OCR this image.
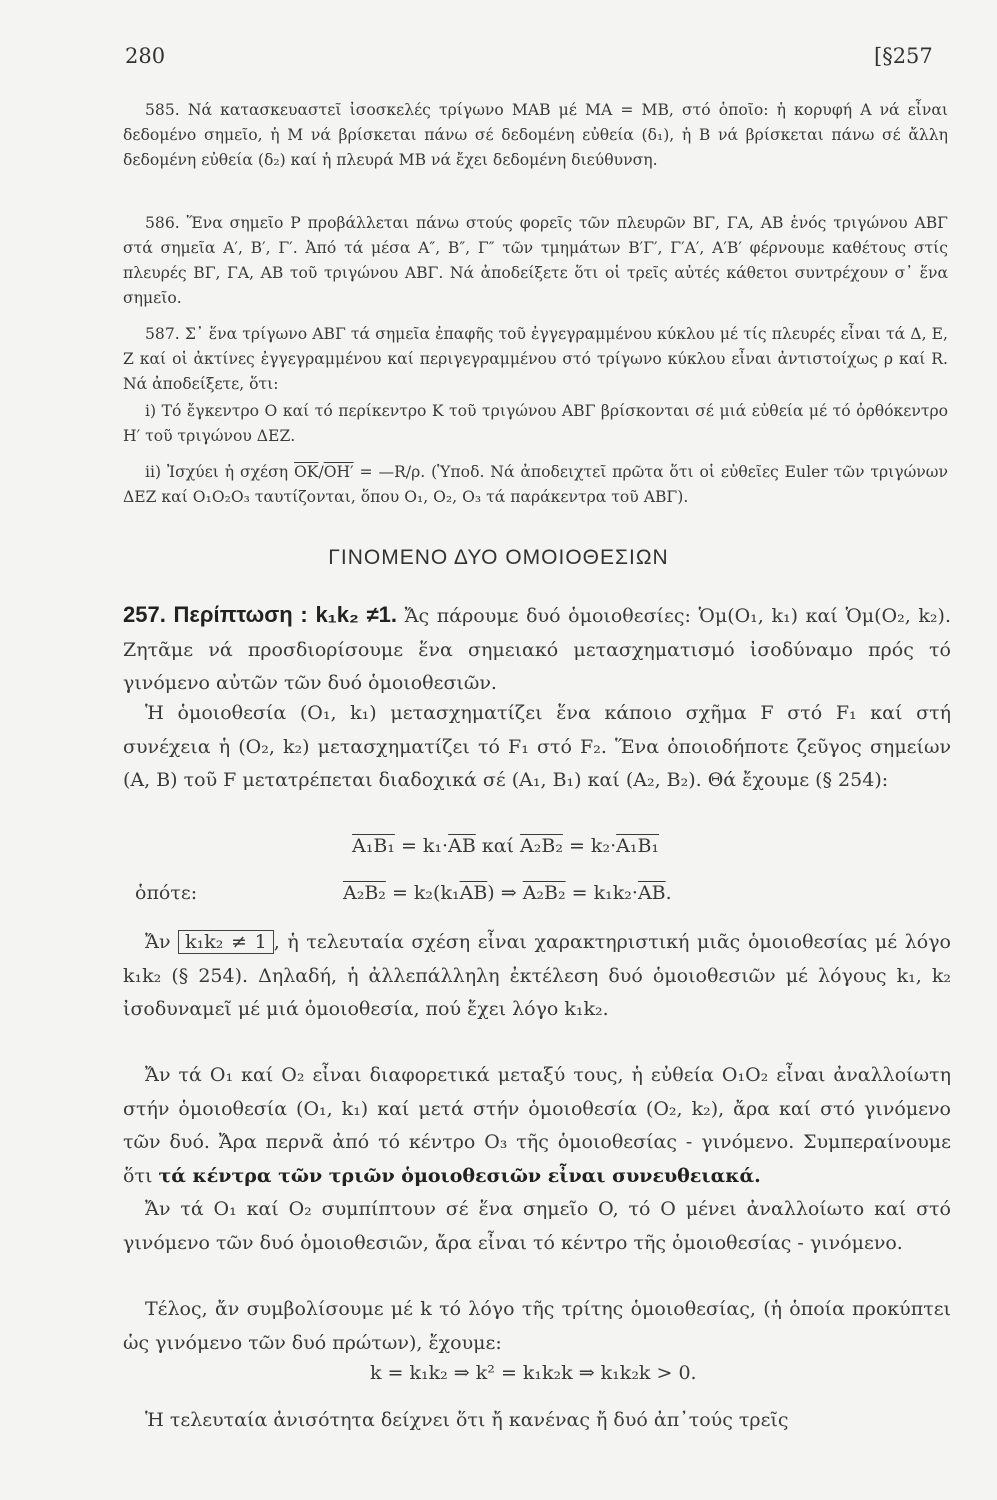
280	[§257

585. Νά κατασκευαστεῖ ἰσοσκελές τρίγωνο MAB μέ MA = MB, στό ὁποῖο: ἡ κορυφή A νά εἶναι δεδομένο σημεῖο, ἡ M νά βρίσκεται πάνω σέ δεδομένη εὐθεία (δ₁), ἡ B νά βρίσκεται πάνω σέ ἄλλη δεδομένη εὐθεία (δ₂) καί ἡ πλευρά MB νά ἔχει δεδομένη διεύθυνση.

586. Ἕνα σημεῖο P προβάλλεται πάνω στούς φορεῖς τῶν πλευρῶν ΒΓ, ΓΑ, ΑΒ ἑνός τριγώνου ΑΒΓ στά σημεῖα Α′, Β′, Γ′. Ἀπό τά μέσα Α″, Β″, Γ″ τῶν τμημάτων Β′Γ′, Γ′Α′, Α′Β′ φέρνουμε καθέτους στίς πλευρές ΒΓ, ΓΑ, ΑΒ τοῦ τριγώνου ΑΒΓ. Νά ἀποδείξετε ὅτι οἱ τρεῖς αὐτές κάθετοι συντρέχουν σ᾽ ἕνα σημεῖο.

587. Σ᾽ ἕνα τρίγωνο ΑΒΓ τά σημεῖα ἐπαφῆς τοῦ ἐγγεγραμμένου κύκλου μέ τίς πλευρές εἶναι τά Δ, Ε, Ζ καί οἱ ἀκτίνες ἐγγεγραμμένου καί περιγεγραμμένου στό τρίγωνο κύκλου εἶναι ἀντιστοίχως ρ καί R. Νά ἀποδείξετε, ὅτι:

i) Τό ἔγκεντρο Ο καί τό περίκεντρο Κ τοῦ τριγώνου ΑΒΓ βρίσκονται σέ μιά εὐθεία μέ τό ὀρθόκεντρο Η′ τοῦ τριγώνου ΔΕΖ.

ii) Ἰσχύει ἡ σχέση $\overline{OK}/OH'$ = —R/ρ. (Ὑποδ. Νά ἀποδειχτεῖ πρῶτα ὅτι οἱ εὐθεῖες Euler τῶν τριγώνων ΔΕΖ καί O₁O₂O₃ ταυτίζονται, ὅπου O₁, O₂, O₃ τά παράκεντρα τοῦ ΑΒΓ).

ΓΙΝΟΜΕΝΟ ΔΥΟ ΟΜΟΙΟΘΕΣΙΩΝ

257. Περίπτωση : k₁k₂ ≠1. Ἄς πάρουμε δυό ὁμοιοθεσίες: Ὁμ(O₁, k₁) καί Ὁμ(O₂, k₂). Ζητᾶμε νά προσδιορίσουμε ἕνα σημειακό μετασχηματισμό ἰσοδύναμο πρός τό γινόμενο αὐτῶν τῶν δυό ὁμοιοθεσιῶν.

Ἡ ὁμοιοθεσία (O₁, k₁) μετασχηματίζει ἕνα κάποιο σχῆμα F στό F₁ καί στή συνέχεια ἡ (O₂, k₂) μετασχηματίζει τό F₁ στό F₂. Ἕνα ὁποιοδήποτε ζεῦγος σημείων (A, B) τοῦ F μετατρέπεται διαδοχικά σέ (A₁, B₁) καί (A₂, B₂). Θά ἔχουμε (§ 254):

$A_1B_1 = k_1\cdot\overline{AB}$ καί A₂B₂ = k₂·A₁B₁
ὁπότε:	$A_2B_2 = k_2(k_1\overline{AB})$ ⇒ $A_2B_2 = k_1k_2\cdot\overline{AB}$.

Ἄν k₁k₂ ≠ 1 , ἡ τελευταία σχέση εἶναι χαρακτηριστική μιᾶς ὁμοιοθεσίας μέ λόγο k₁k₂ (§ 254). Δηλαδή, ἡ ἀλλεπάλληλη ἐκτέλεση δυό ὁμοιοθεσιῶν μέ λόγους k₁, k₂ ἰσοδυναμεῖ μέ μιά ὁμοιοθεσία, πού ἔχει λόγο k₁k₂.

Ἄν τά O₁ καί O₂ εἶναι διαφορετικά μεταξύ τους, ἡ εὐθεία O₁O₂ εἶναι ἀναλλοίωτη στήν ὁμοιοθεσία (O₁, k₁) καί μετά στήν ὁμοιοθεσία (O₂, k₂), ἄρα καί στό γινόμενο τῶν δυό. Ἄρα περνᾶ ἀπό τό κέντρο O₃ τῆς ὁμοιοθεσίας - γινόμενο. Συμπεραίνουμε ὅτι τά κέντρα τῶν τριῶν ὁμοιοθεσιῶν εἶναι συνευθειακά.

Ἄν τά O₁ καί O₂ συμπίπτουν σέ ἕνα σημεῖο O, τό O μένει ἀναλλοίωτο καί στό γινόμενο τῶν δυό ὁμοιοθεσιῶν, ἄρα εἶναι τό κέντρο τῆς ὁμοιοθεσίας - γινόμενο.

Τέλος, ἄν συμβολίσουμε μέ k τό λόγο τῆς τρίτης ὁμοιοθεσίας, (ἡ ὁποία προκύπτει ὡς γινόμενο τῶν δυό πρώτων), ἔχουμε:

k = k₁k₂ ⇒ k² = k₁k₂k ⇒ k₁k₂k > 0.

Ἡ τελευταία ἀνισότητα δείχνει ὅτι ἤ κανένας ἤ δυό ἀπ᾽τούς τρεῖς
